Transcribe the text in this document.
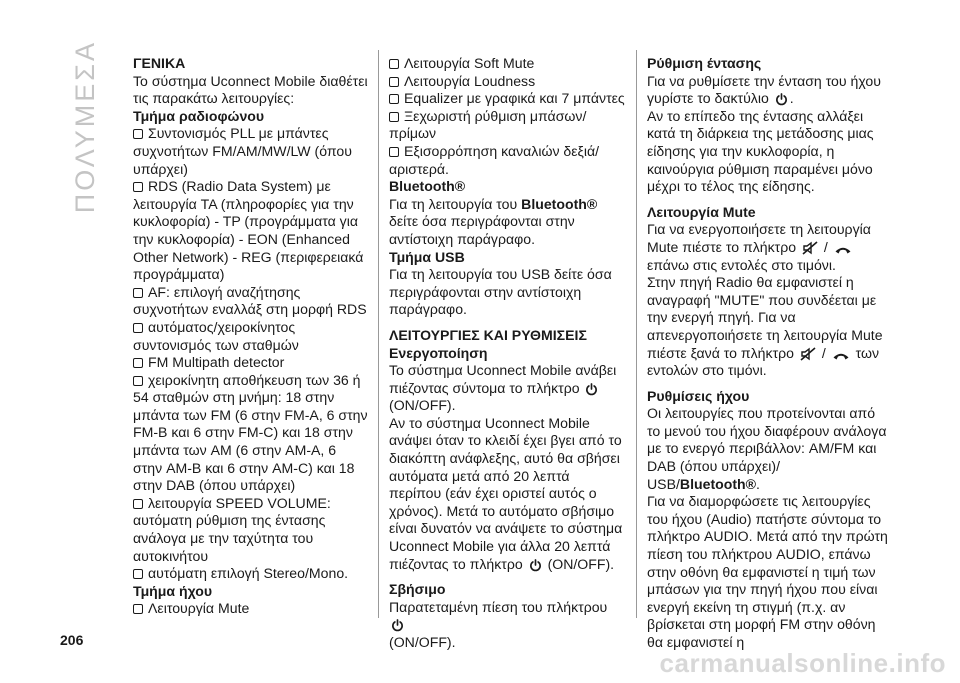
ΠΟΛΥΜΕΣΑ ΓΕΝΙΚΑ

Το σύστημα Uconnect Mobile διαθέτει τις παρακάτω λειτουργίες:

Τμήμα ραδιοφώνου
Συντονισμός PLL με μπάντες συχνοτήτων FM/AM/MW/LW (όπου υπάρχει)
RDS (Radio Data System) με λειτουργία TA (πληροφορίες για την κυκλοφορία) - TP (προγράμματα για την κυκλοφορία) - EON (Enhanced Other Network) - REG (περιφερειακά προγράμματα)
AF: επιλογή αναζήτησης συχνοτήτων εναλλάξ στη μορφή RDS
αυτόματος/χειροκίνητος συντονισμός των σταθμών
FM Multipath detector
χειροκίνητη αποθήκευση των 36 ή 54 σταθμών στη μνήμη: 18 στην μπάντα των FM (6 στην FM-A, 6 στην FM-B και 6 στην FM-C) και 18 στην μπάντα των AM (6 στην AM-A, 6 στην AM-B και 6 στην AM-C) και 18 στην DAB (όπου υπάρχει)
λειτουργία SPEED VOLUME: αυτόματη ρύθμιση της έντασης ανάλογα με την ταχύτητα του αυτοκινήτου
αυτόματη επιλογή Stereo/Mono.
Τμήμα ήχου
Λειτουργία Mute
Λειτουργία Soft Mute
Λειτουργία Loudness
Equalizer με γραφικά και 7 μπάντες
Ξεχωριστή ρύθμιση μπάσων/πρίμων
Εξισορρόπηση καναλιών δεξιά/αριστερά.
Bluetooth®

Για τη λειτουργία του Bluetooth® δείτε όσα περιγράφονται στην αντίστοιχη παράγραφο.

Τμήμα USB

Για τη λειτουργία του USB δείτε όσα περιγράφονται στην αντίστοιχη παράγραφο.

ΛΕΙΤΟΥΡΓΙΕΣ ΚΑΙ ΡΥΘΜΙΣΕΙΣ
Ενεργοποίηση

Το σύστημα Uconnect Mobile ανάβει πιέζοντας σύντομα το πλήκτρο

(ON/OFF).

Αν το σύστημα Uconnect Mobile ανάψει όταν το κλειδί έχει βγει από το διακόπτη ανάφλεξης, αυτό θα σβήσει αυτόματα μετά από 20 λεπτά περίπου (εάν έχει οριστεί αυτός ο χρόνος). Μετά το αυτόματο σβήσιμο είναι δυνατόν να ανάψετε το σύστημα Uconnect Mobile για άλλα 20 λεπτά πιέζοντας το πλήκτρο (ON/OFF).

Σβήσιμο

Παρατεταμένη πίεση του πλήκτρου

(ON/OFF).

Ρύθμιση έντασης

Για να ρυθμίσετε την ένταση του ήχου γυρίστε το δακτύλιο .

Αν το επίπεδο της έντασης αλλάξει κατά τη διάρκεια της μετάδοσης μιας είδησης για την κυκλοφορία, η καινούργια ρύθμιση παραμένει μόνο μέχρι το τέλος της είδησης.

Λειτουργία Mute

Για να ενεργοποιήσετε τη λειτουργία Mute πιέστε το πλήκτρο /

επάνω στις εντολές στο τιμόνι.

Στην πηγή Radio θα εμφανιστεί η αναγραφή "MUTE" που συνδέεται με την ενεργή πηγή. Για να απενεργοποιήσετε τη λειτουργία Mute πιέστε ξανά το πλήκτρο / των εντολών στο τιμόνι.

Ρυθμίσεις ήχου

Οι λειτουργίες που προτείνονται από το μενού του ήχου διαφέρουν ανάλογα με το ενεργό περιβάλλον: AM/FM και DAB (όπου υπάρχει)/ USB/Bluetooth®.

Για να διαμορφώσετε τις λειτουργίες του ήχου (Audio) πατήστε σύντομα το πλήκτρο AUDIO. Μετά από την πρώτη πίεση του πλήκτρου AUDIO, επάνω στην οθόνη θα εμφανιστεί η τιμή των μπάσων για την πηγή ήχου που είναι ενεργή εκείνη τη στιγμή (π.χ. αν βρίσκεται στη μορφή FM στην οθόνη θα εμφανιστεί η

206
carmanualsonline.info
